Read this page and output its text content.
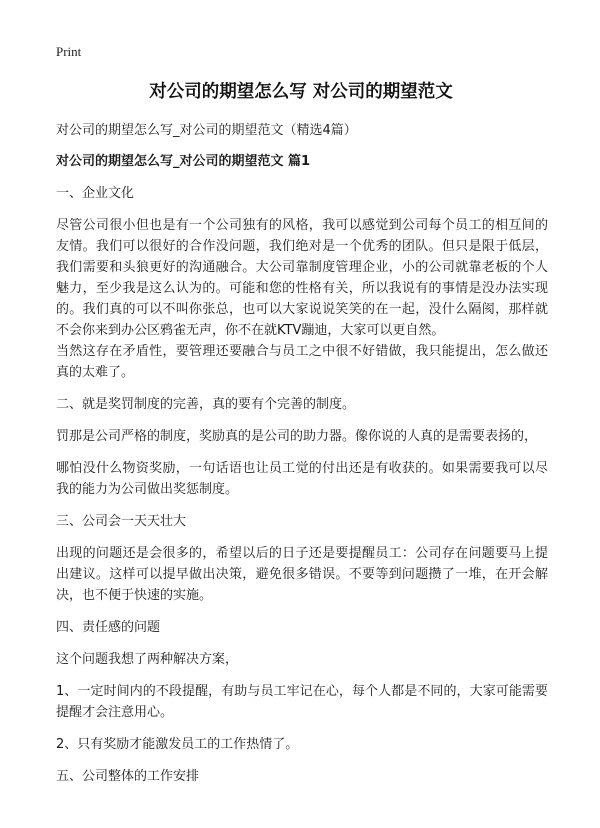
Print
对公司的期望怎么写 对公司的期望范文

对公司的期望怎么写_对公司的期望范文（精选4篇）

对公司的期望怎么写_对公司的期望范文 篇1

一、企业文化

尽管公司很小但也是有一个公司独有的风格，我可以感觉到公司每个员工的相互间的友情。我们可以很好的合作没问题，我们绝对是一个优秀的团队。但只是限于低层，我们需要和头狼更好的沟通融合。大公司靠制度管理企业，小的公司就靠老板的个人魅力，至少我是这么认为的。可能和您的性格有关，所以我说有的事情是没办法实现的。我们真的可以不叫你张总，也可以大家说说笑笑的在一起，没什么隔阂，那样就不会你来到办公区鸦雀无声，你不在就KTV蹦迪，大家可以更自然。

当然这存在矛盾性，要管理还要融合与员工之中很不好错做，我只能提出，怎么做还真的太难了。

二、就是奖罚制度的完善，真的要有个完善的制度。

罚那是公司严格的制度，奖励真的是公司的助力器。像你说的人真的是需要表扬的，

哪怕没什么物资奖励，一句话语也让员工觉的付出还是有收获的。如果需要我可以尽我的能力为公司做出奖惩制度。

三、公司会一天天壮大

出现的问题还是会很多的，希望以后的日子还是要提醒员工：公司存在问题要马上提出建议。这样可以提早做出决策，避免很多错误。不要等到问题攒了一堆，在开会解决，也不便于快速的实施。

四、责任感的问题

这个问题我想了两种解决方案，

1、一定时间内的不段提醒，有助与员工牢记在心，每个人都是不同的，大家可能需要提醒才会注意用心。

2、只有奖励才能激发员工的工作热情了。

五、公司整体的工作安排
